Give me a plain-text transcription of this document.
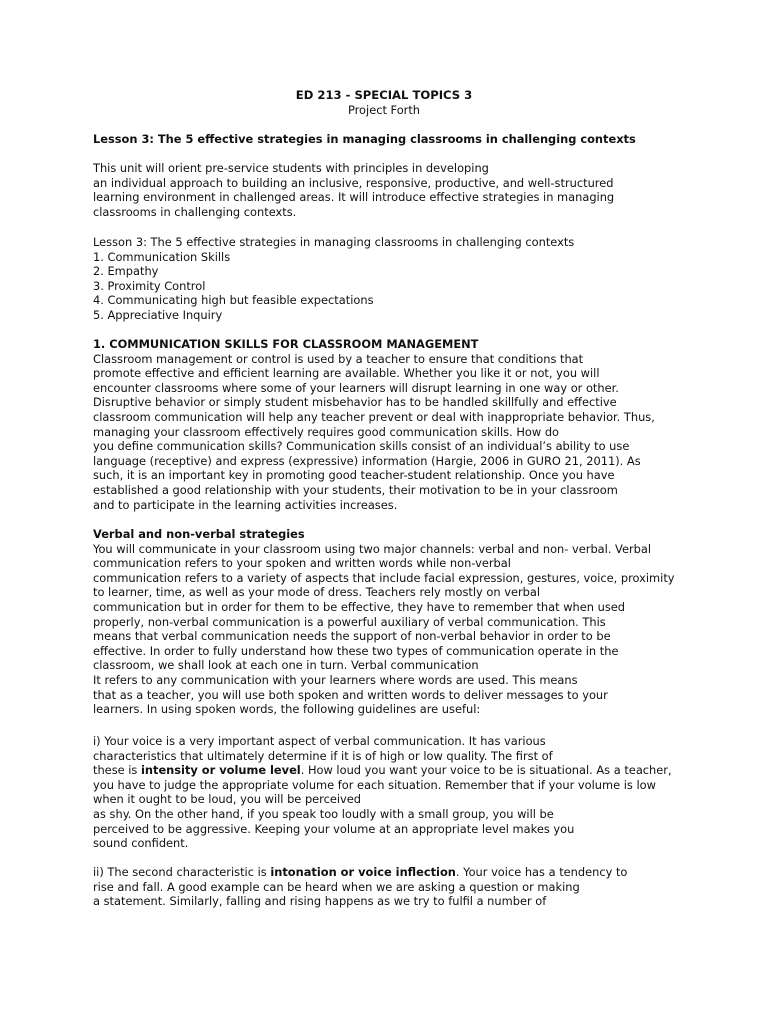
ED 213 - SPECIAL TOPICS 3
Project Forth
Lesson 3: The 5 effective strategies in managing classrooms in challenging contexts
This unit will orient pre-service students with principles in developing
an individual approach to building an inclusive, responsive, productive, and well-structured
learning environment in challenged areas. It will introduce effective strategies in managing
classrooms in challenging contexts.
Lesson 3: The 5 effective strategies in managing classrooms in challenging contexts
1. Communication Skills
2. Empathy
3. Proximity Control
4. Communicating high but feasible expectations
5. Appreciative Inquiry
1. COMMUNICATION SKILLS FOR CLASSROOM MANAGEMENT
Classroom management or control is used by a teacher to ensure that conditions that
promote effective and efficient learning are available. Whether you like it or not, you will
encounter classrooms where some of your learners will disrupt learning in one way or other.
Disruptive behavior or simply student misbehavior has to be handled skillfully and effective
classroom communication will help any teacher prevent or deal with inappropriate behavior. Thus,
managing your classroom effectively requires good communication skills. How do
you define communication skills? Communication skills consist of an individual’s ability to use
language (receptive) and express (expressive) information (Hargie, 2006 in GURO 21, 2011). As
such, it is an important key in promoting good teacher-student relationship. Once you have
established a good relationship with your students, their motivation to be in your classroom
and to participate in the learning activities increases.
Verbal and non-verbal strategies
You will communicate in your classroom using two major channels: verbal and non- verbal. Verbal
communication refers to your spoken and written words while non-verbal
communication refers to a variety of aspects that include facial expression, gestures, voice, proximity
to learner, time, as well as your mode of dress. Teachers rely mostly on verbal
communication but in order for them to be effective, they have to remember that when used
properly, non-verbal communication is a powerful auxiliary of verbal communication. This
means that verbal communication needs the support of non-verbal behavior in order to be
effective. In order to fully understand how these two types of communication operate in the
classroom, we shall look at each one in turn. Verbal communication
It refers to any communication with your learners where words are used. This means
that as a teacher, you will use both spoken and written words to deliver messages to your
learners. In using spoken words, the following guidelines are useful:
i) Your voice is a very important aspect of verbal communication. It has various
characteristics that ultimately determine if it is of high or low quality. The first of
these is intensity or volume level. How loud you want your voice to be is situational. As a teacher,
you have to judge the appropriate volume for each situation. Remember that if your volume is low
when it ought to be loud, you will be perceived
as shy. On the other hand, if you speak too loudly with a small group, you will be
perceived to be aggressive. Keeping your volume at an appropriate level makes you
sound confident.
ii) The second characteristic is intonation or voice inflection. Your voice has a tendency to
rise and fall. A good example can be heard when we are asking a question or making
a statement. Similarly, falling and rising happens as we try to fulfil a number of
